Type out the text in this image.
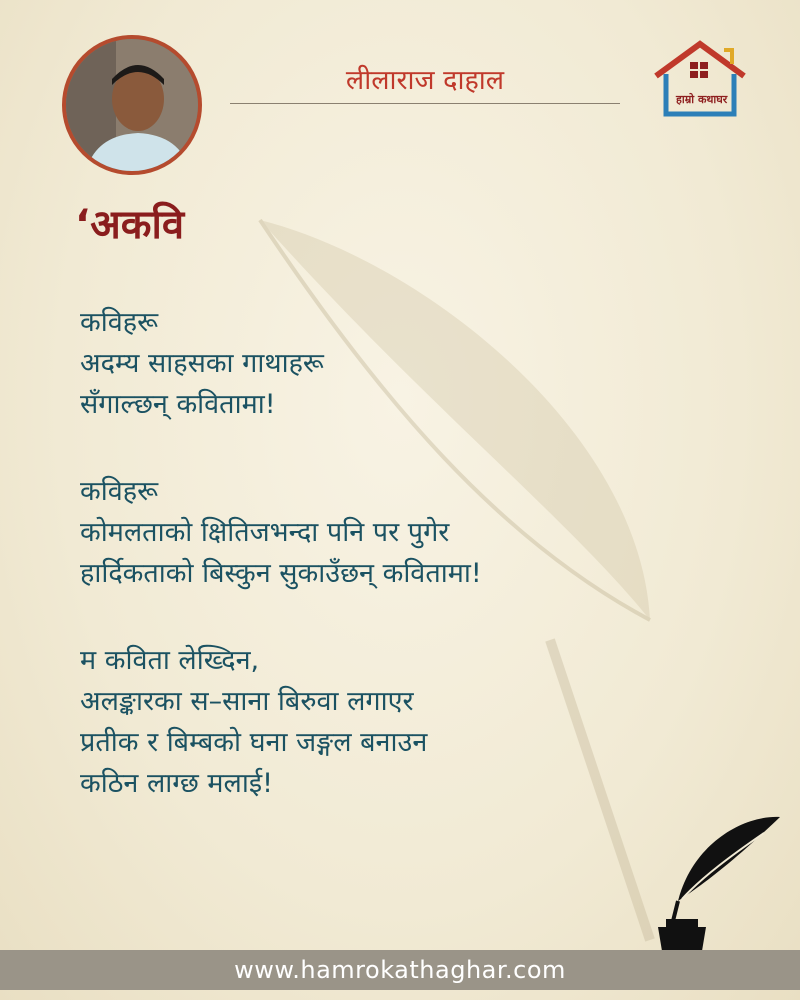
लीलाराज दाहाल
हाम्रो कथाघर
‘अकवि
कविहरू
अदम्य साहसका गाथाहरू
सँगाल्छन् कवितामा!
कविहरू
कोमलताको क्षितिजभन्दा पनि पर पुगेर
हार्दिकताको बिस्कुन सुकाउँछन् कवितामा!
म कविता लेख्दिन,
अलङ्कारका स–साना बिरुवा लगाएर
प्रतीक र बिम्बको घना जङ्गल बनाउन
कठिन लाग्छ मलाई!
www.hamrokathaghar.com
